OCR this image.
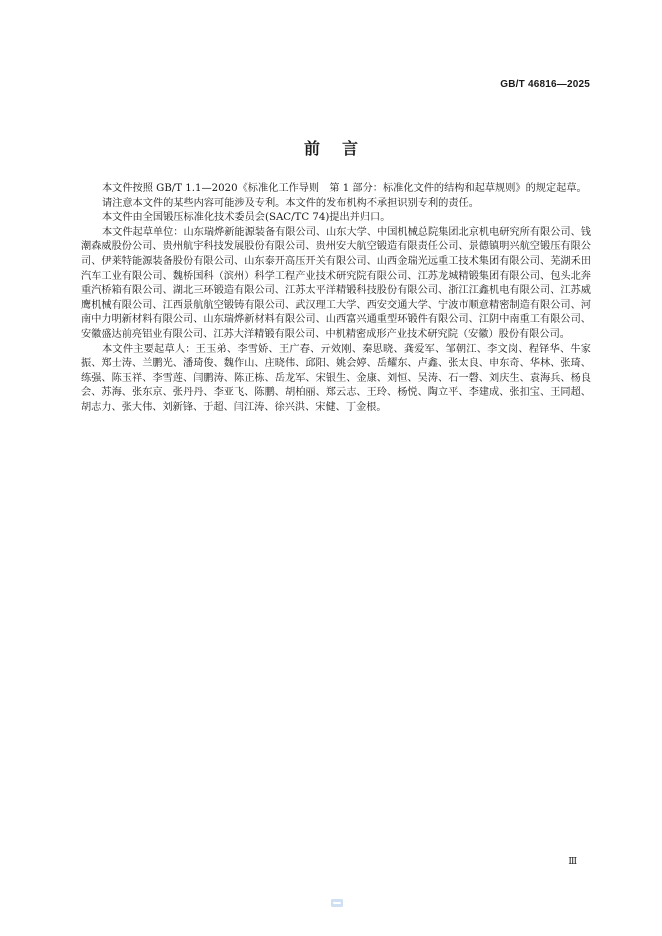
GB/T 46816—2025
前言

本文件按照 GB/T 1.1—2020《标准化工作导则　第 1 部分：标准化文件的结构和起草规则》的规定起草。

请注意本文件的某些内容可能涉及专利。本文件的发布机构不承担识别专利的责任。

本文件由全国锻压标准化技术委员会(SAC/TC 74)提出并归口。

本文件起草单位：山东瑞烨新能源装备有限公司、山东大学、中国机械总院集团北京机电研究所有限公司、钱潮森威股份公司、贵州航宇科技发展股份有限公司、贵州安大航空锻造有限责任公司、景德镇明兴航空锻压有限公司、伊莱特能源装备股份有限公司、山东泰开高压开关有限公司、山西金瑞光远重工技术集团有限公司、芜湖禾田汽车工业有限公司、魏桥国科（滨州）科学工程产业技术研究院有限公司、江苏龙城精锻集团有限公司、包头北奔重汽桥箱有限公司、湖北三环锻造有限公司、江苏太平洋精锻科技股份有限公司、浙江江鑫机电有限公司、江苏威鹰机械有限公司、江西景航航空锻铸有限公司、武汉理工大学、西安交通大学、宁波市顺意精密制造有限公司、河南中力明新材料有限公司、山东瑞烨新材料有限公司、山西富兴通重型环锻件有限公司、江阴中南重工有限公司、安徽盛达前亮铝业有限公司、江苏大洋精锻有限公司、中机精密成形产业技术研究院（安徽）股份有限公司。

本文件主要起草人：王玉弟、李雪娇、王广春、亓效刚、秦思晓、龚爱军、邹朝江、李文岗、程铎华、牛家振、郑士涛、兰鹏光、潘琦俊、魏作山、庄晓伟、邱阳、姚会婷、岳耀东、卢鑫、张太良、申东奇、华林、张琦、练强、陈玉祥、李雪莲、闫鹏涛、陈正栋、岳龙军、宋银生、金康、刘恒、吴涛、石一磬、刘庆生、袁海兵、杨良会、苏海、张东京、张丹丹、李亚飞、陈鹏、胡柏丽、郑云志、王玲、杨悦、陶立平、李建成、张扣宝、王同超、胡志力、张大伟、刘新锋、于超、闫江涛、徐兴洪、宋健、丁金根。

Ⅲ
